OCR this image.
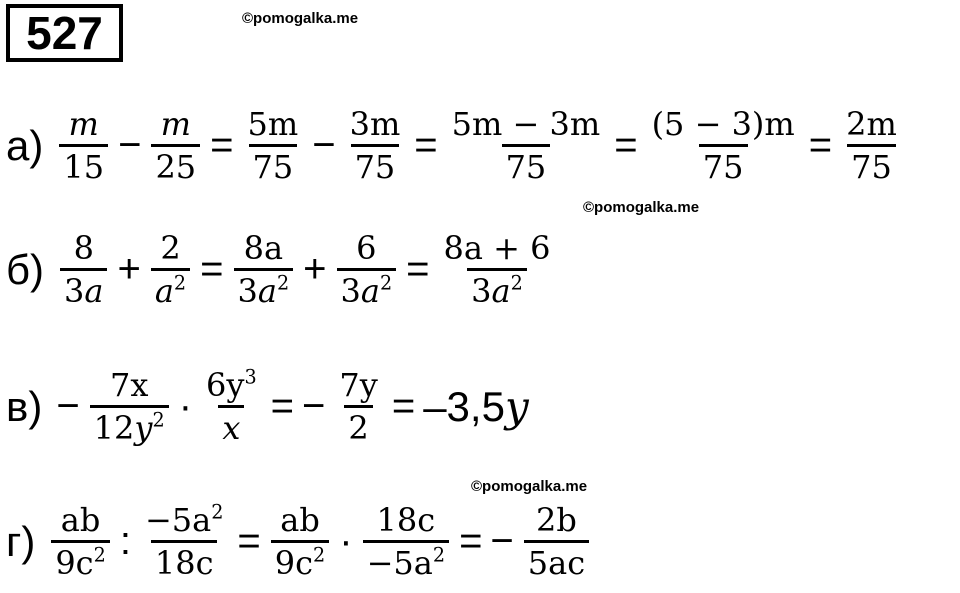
527	©pomogalka.me
©pomogalka.me
©pomogalka.me
$а) \frac{m}{15} - \frac{m}{25} = \frac{5m}{75} - \frac{3m}{75} = \frac{5m - 3m}{75} = \frac{(5 - 3)m}{75} = \frac{2m}{75}$
$б) \frac{8}{3a} + \frac{2}{a^2} = \frac{8a}{3a^2} + \frac{6}{3a^2} = \frac{8a + 6}{3a^2}$
$в) - \frac{7x}{12y^2} \cdot \frac{6y^3}{x}$ = − $\frac{7y}{2} = -3,5y$
$г) \frac{ab}{9c^2}$ : $\frac{-5a^2}{18c} = \frac{ab}{9c^2} \cdot \frac{18c}{-5a^2}$ = − $\frac{2b}{5ac}$
